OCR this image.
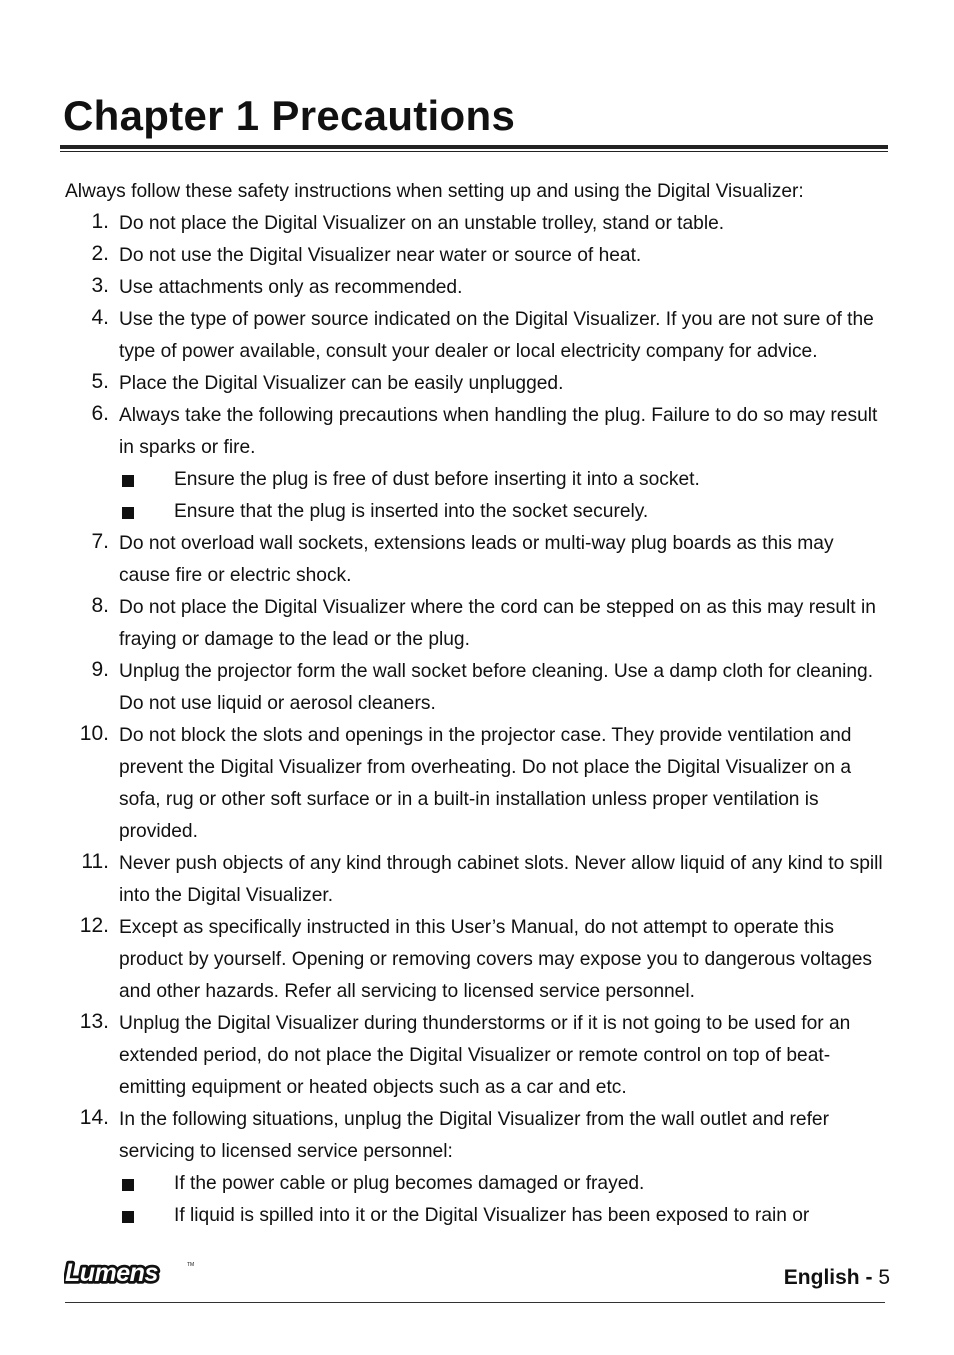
Chapter 1 Precautions
Always follow these safety instructions when setting up and using the Digital Visualizer:
1. Do not place the Digital Visualizer on an unstable trolley, stand or table.
2. Do not use the Digital Visualizer near water or source of heat.
3. Use attachments only as recommended.
4. Use the type of power source indicated on the Digital Visualizer. If you are not sure of the type of power available, consult your dealer or local electricity company for advice.
5. Place the Digital Visualizer can be easily unplugged.
6. Always take the following precautions when handling the plug. Failure to do so may result in sparks or fire.
Ensure the plug is free of dust before inserting it into a socket.
Ensure that the plug is inserted into the socket securely.
7. Do not overload wall sockets, extensions leads or multi-way plug boards as this may cause fire or electric shock.
8. Do not place the Digital Visualizer where the cord can be stepped on as this may result in fraying or damage to the lead or the plug.
9. Unplug the projector form the wall socket before cleaning. Use a damp cloth for cleaning. Do not use liquid or aerosol cleaners.
10. Do not block the slots and openings in the projector case. They provide ventilation and prevent the Digital Visualizer from overheating. Do not place the Digital Visualizer on a sofa, rug or other soft surface or in a built-in installation unless proper ventilation is provided.
11. Never push objects of any kind through cabinet slots. Never allow liquid of any kind to spill into the Digital Visualizer.
12. Except as specifically instructed in this User’s Manual, do not attempt to operate this product by yourself. Opening or removing covers may expose you to dangerous voltages and other hazards. Refer all servicing to licensed service personnel.
13. Unplug the Digital Visualizer during thunderstorms or if it is not going to be used for an extended period, do not place the Digital Visualizer or remote control on top of beat-emitting equipment or heated objects such as a car and etc.
14. In the following situations, unplug the Digital Visualizer from the wall outlet and refer servicing to licensed service personnel:
If the power cable or plug becomes damaged or frayed.
If liquid is spilled into it or the Digital Visualizer has been exposed to rain or
Lumens	TM
English - 5
